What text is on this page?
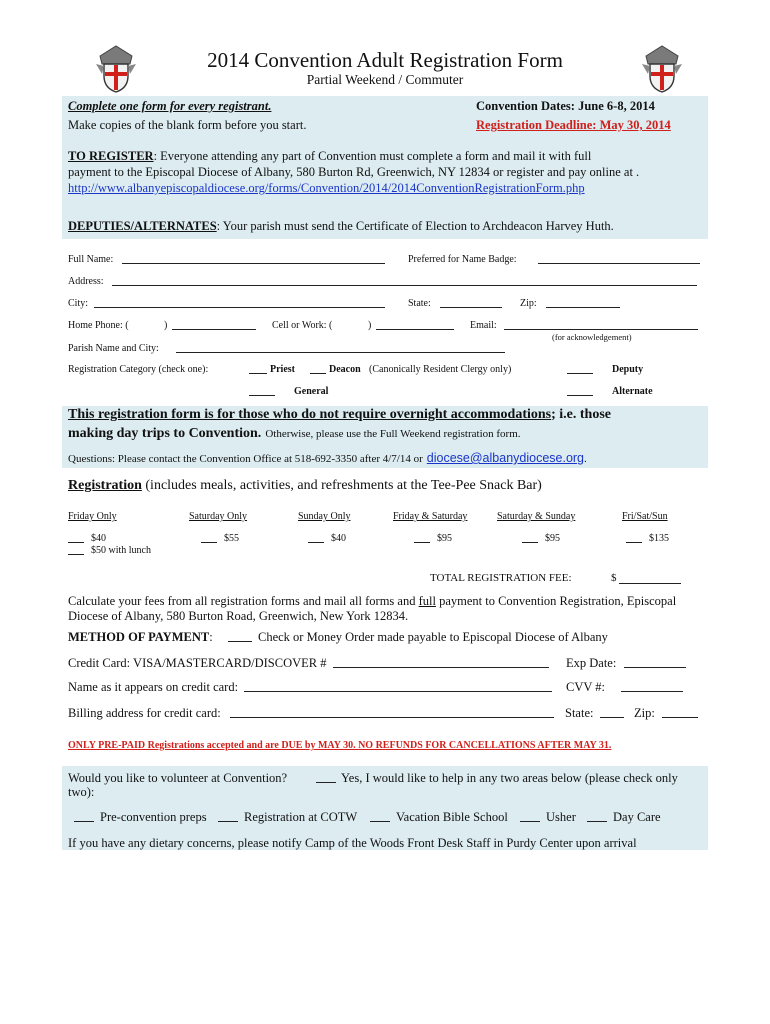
2014 Convention Adult Registration Form
Partial Weekend / Commuter
Complete one form for every registrant.
Make copies of the blank form before you start.
Convention Dates: June 6-8, 2014
Registration Deadline: May 30, 2014
TO REGISTER: Everyone attending any part of Convention must complete a form and mail it with full
payment to the Episcopal Diocese of Albany, 580 Burton Rd, Greenwich, NY 12834 or register and pay online at .
http://www.albanyepiscopaldiocese.org/forms/Convention/2014/2014ConventionRegistrationForm.php
DEPUTIES/ALTERNATES: Your parish must send the Certificate of Election to Archdeacon Harvey Huth.
Full Name:	Preferred for Name Badge:
Address:
City:	State:	Zip:
Home Phone: (	)	Cell or Work: (	)	Email:
(for acknowledgement)
Parish Name and City:
Registration Category (check one):	Priest	Deacon (Canonically Resident Clergy only)	Deputy
General	Alternate
This registration form is for those who do not require overnight accommodations; i.e. those
making day trips to Convention. Otherwise, please use the Full Weekend registration form.
Questions: Please contact the Convention Office at 518-692-3350 after 4/7/14 or diocese@albanydiocese.org.
Registration (includes meals, activities, and refreshments at the Tee-Pee Snack Bar)
Friday Only	Saturday Only	Sunday Only	Friday & Saturday	Saturday & Sunday	Fri/Sat/Sun
$40
$50 with lunch
$55	$40	$95	$95	$135
TOTAL REGISTRATION FEE:	$
Calculate your fees from all registration forms and mail all forms and full payment to Convention Registration, Episcopal
Diocese of Albany, 580 Burton Road, Greenwich, New York 12834.
METHOD OF PAYMENT:	Check or Money Order made payable to Episcopal Diocese of Albany
Credit Card: VISA/MASTERCARD/DISCOVER #	Exp Date:
Name as it appears on credit card:	CVV #:
Billing address for credit card:	State:	Zip:
ONLY PRE-PAID Registrations accepted and are DUE by MAY 30. NO REFUNDS FOR CANCELLATIONS AFTER MAY 31.
Would you like to volunteer at Convention?	Yes, I would like to help in any two areas below (please check only
two):
Pre-convention preps	Registration at COTW	Vacation Bible School	Usher	Day Care
If you have any dietary concerns, please notify Camp of the Woods Front Desk Staff in Purdy Center upon arrival
